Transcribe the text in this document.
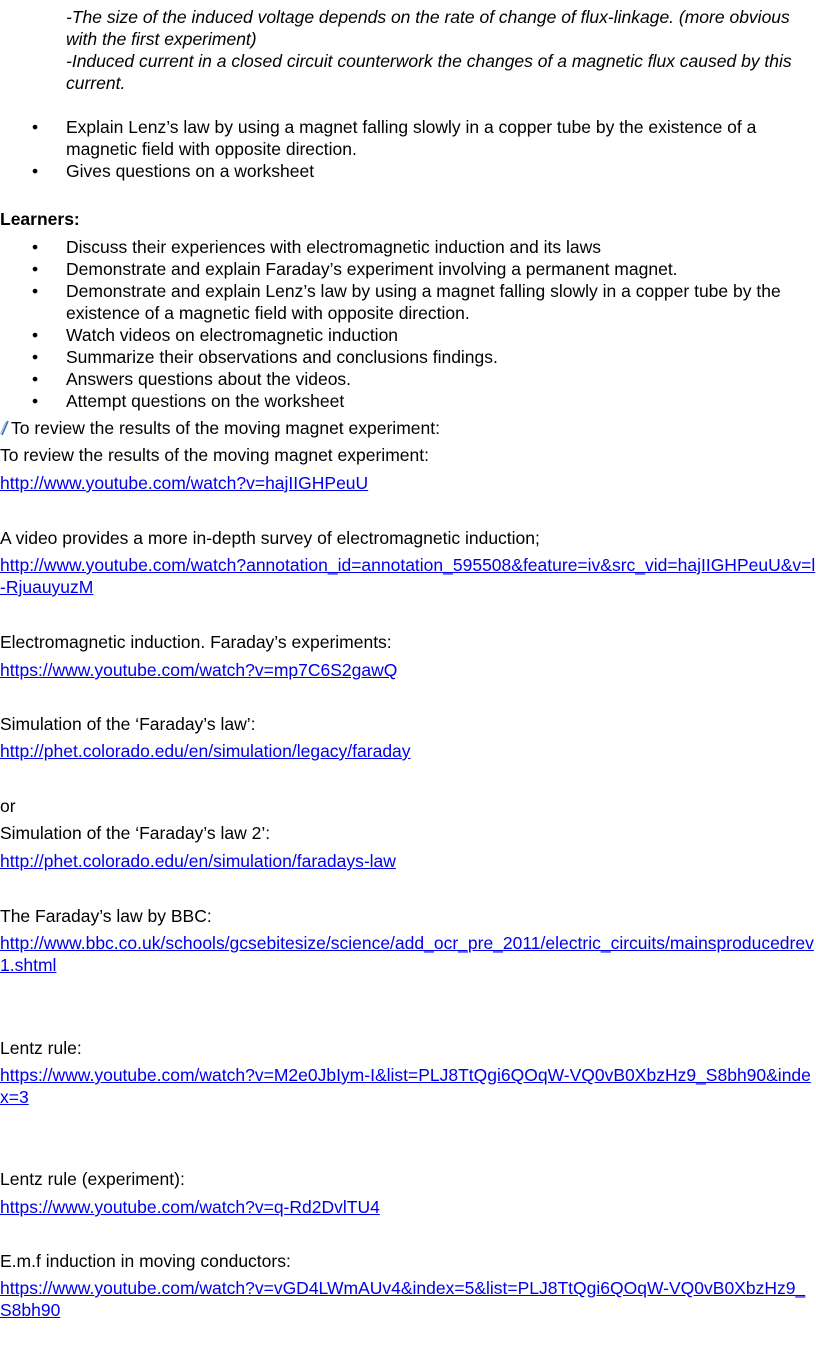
-The size of the induced voltage depends on the rate of change of flux-linkage. (more obvious with the first experiment)

-Induced current in a closed circuit counterwork the changes of a magnetic flux caused by this current.

• Explain Lenz’s law by using a magnet falling slowly in a copper tube by the existence of a magnetic field with opposite direction.
• Gives questions on a worksheet
Learners:
• Discuss their experiences with electromagnetic induction and its laws
• Demonstrate and explain Faraday’s experiment involving a permanent magnet.
• Demonstrate and explain Lenz’s law by using a magnet falling slowly in a copper tube by the existence of a magnetic field with opposite direction.
• Watch videos on electromagnetic induction
• Summarize their observations and conclusions findings.
• Answers questions about the videos.
• Attempt questions on the worksheet

To review the results of the moving magnet experiment:

To review the results of the moving magnet experiment:

http://www.youtube.com/watch?v=hajIIGHPeuU

A video provides a more in-depth survey of electromagnetic induction;

http://www.youtube.com/watch?annotation_id=annotation_595508&feature=iv&src_vid=hajIIGHPeuU&v=l-RjuauyuzM

Electromagnetic induction. Faraday’s experiments:

https://www.youtube.com/watch?v=mp7C6S2gawQ

Simulation of the ‘Faraday’s law’:

http://phet.colorado.edu/en/simulation/legacy/faraday

or

Simulation of the ‘Faraday’s law 2’:

http://phet.colorado.edu/en/simulation/faradays-law

The Faraday’s law by BBC:

http://www.bbc.co.uk/schools/gcsebitesize/science/add_ocr_pre_2011/electric_circuits/mainsproducedrev1.shtml

Lentz rule:

https://www.youtube.com/watch?v=M2e0JbIym-I&list=PLJ8TtQgi6QOqW-VQ0vB0XbzHz9_S8bh90&index=3

Lentz rule (experiment):

https://www.youtube.com/watch?v=q-Rd2DvlTU4

E.m.f induction in moving conductors:

https://www.youtube.com/watch?v=vGD4LWmAUv4&index=5&list=PLJ8TtQgi6QOqW-VQ0vB0XbzHz9_S8bh90
